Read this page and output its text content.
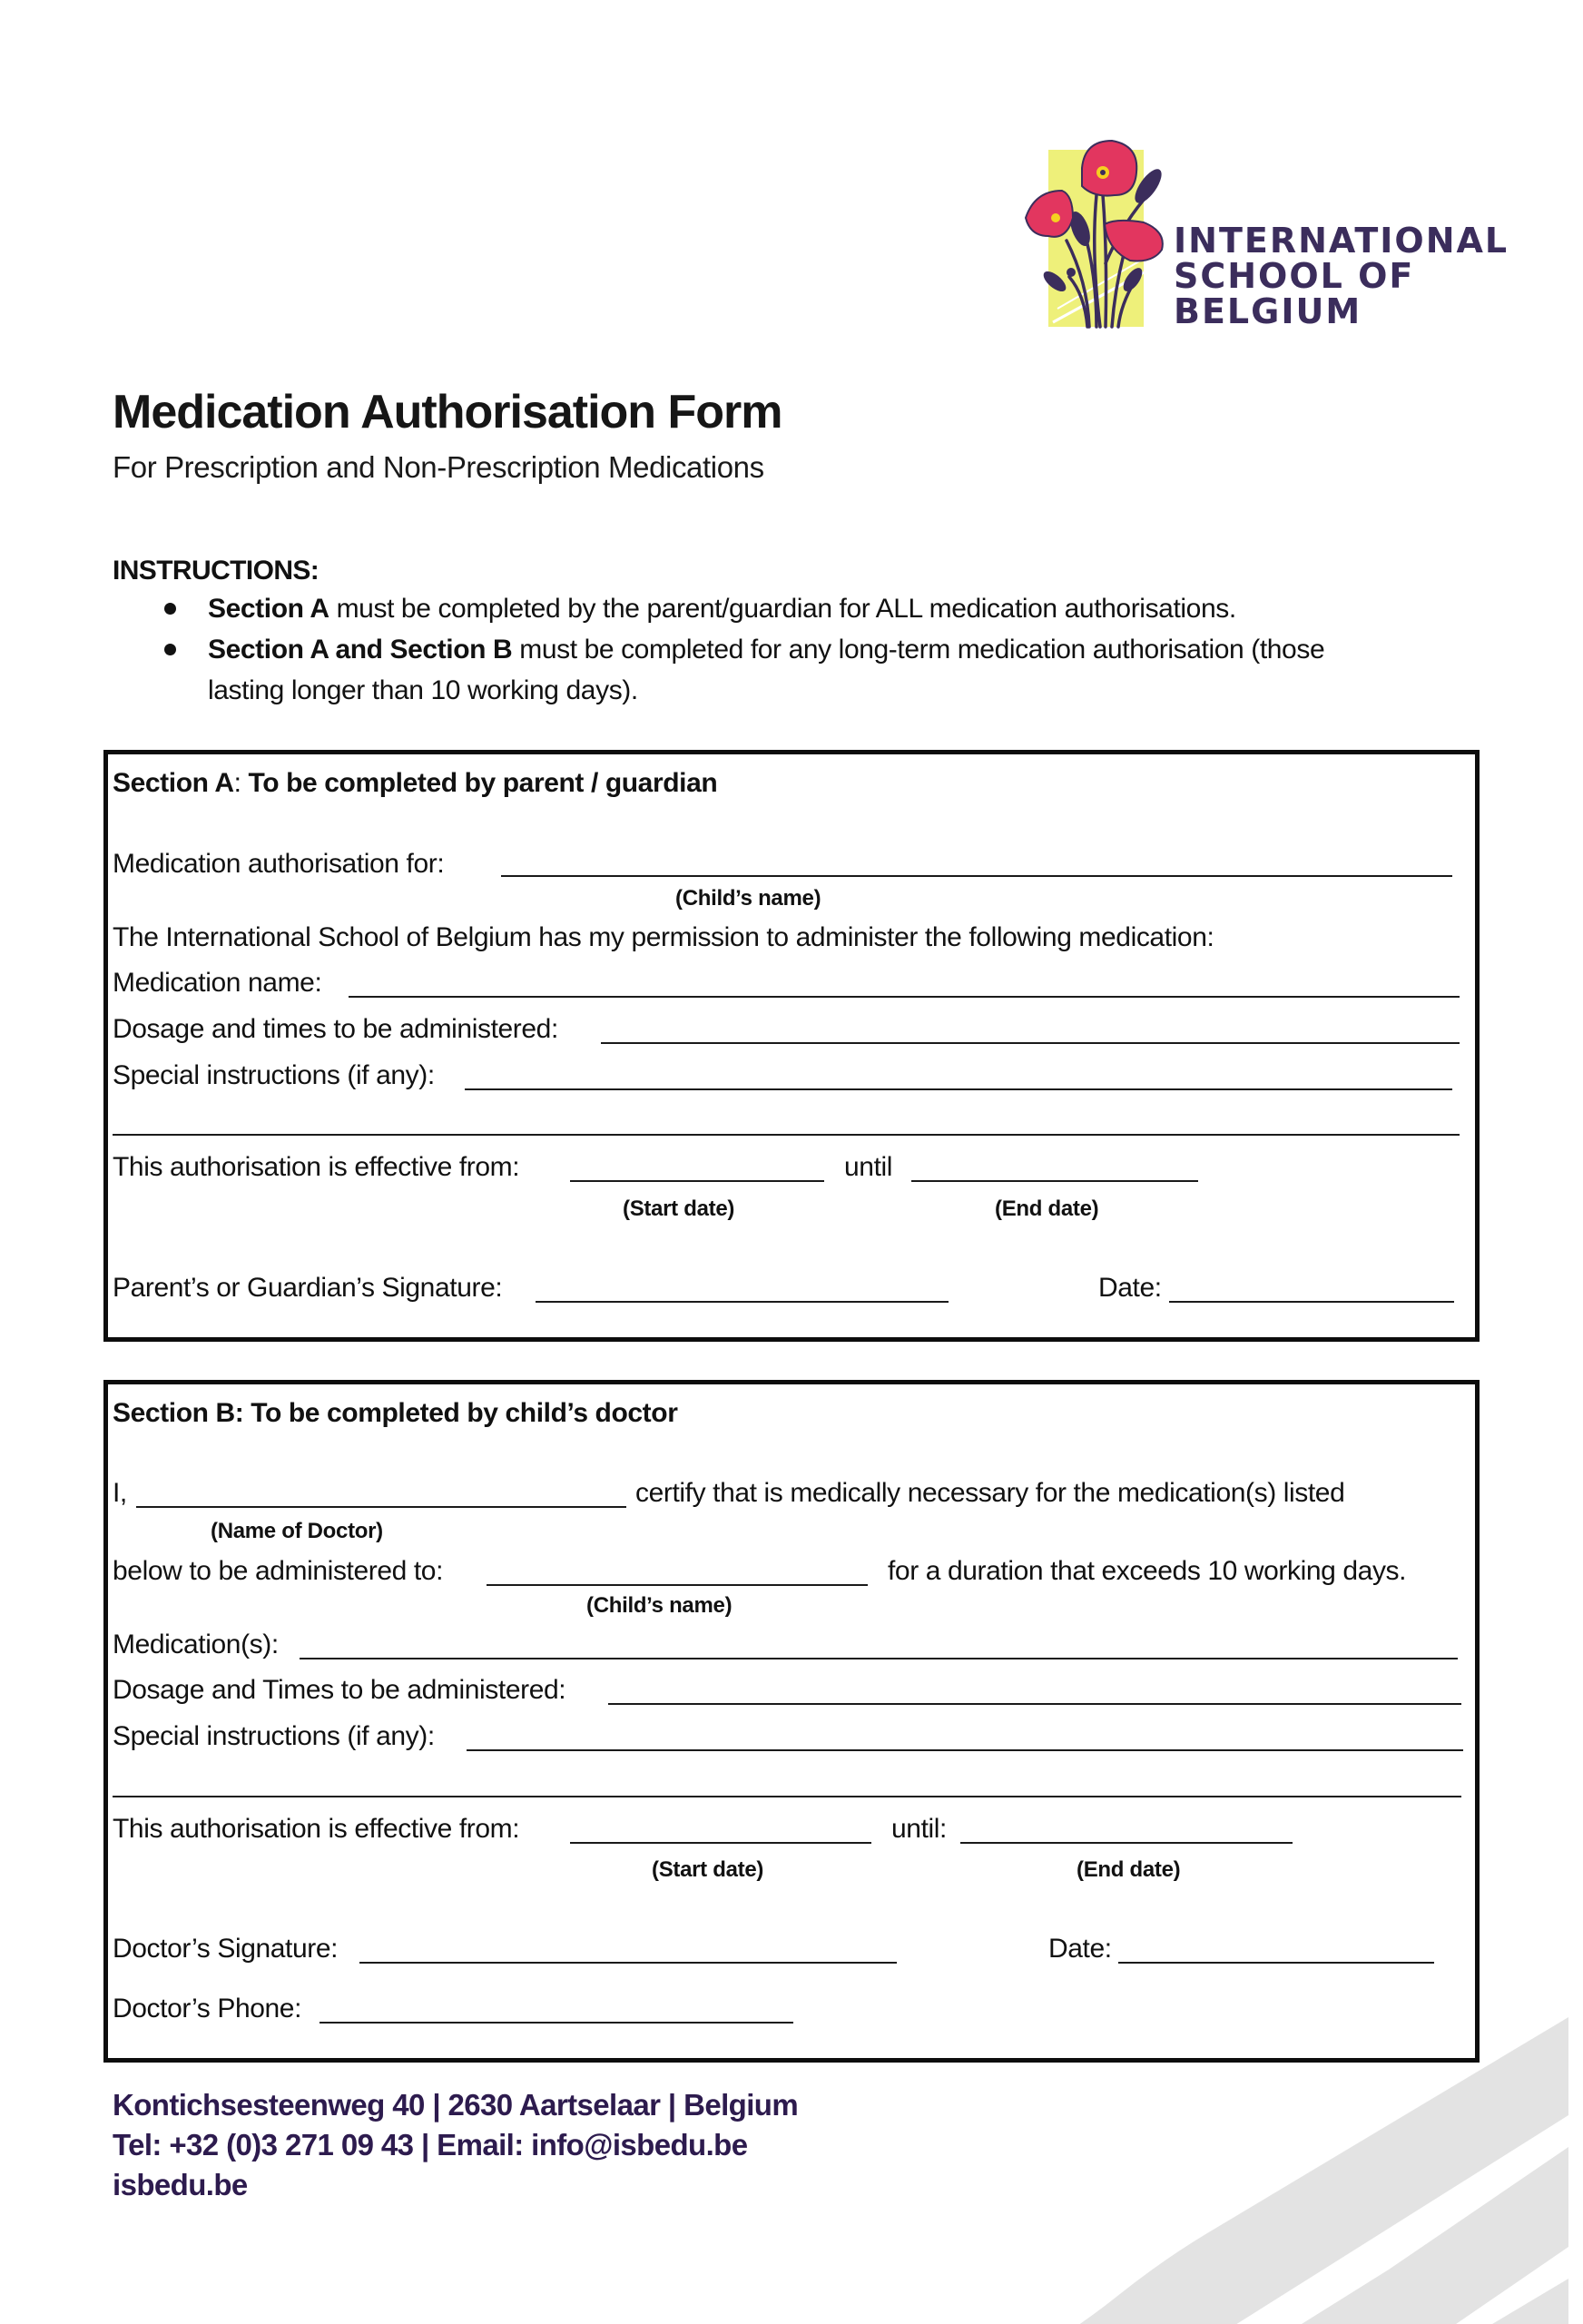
INTERNATIONAL
SCHOOL OF
BELGIUM
Medication Authorisation Form
For Prescription and Non-Prescription Medications
INSTRUCTIONS:
Section A must be completed by the parent/guardian for ALL medication authorisations.
Section A and Section B must be completed for any long-term medication authorisation (those
lasting longer than 10 working days).
Section A: To be completed by parent / guardian
Medication authorisation for:
(Child’s name)
The International School of Belgium has my permission to administer the following medication:
Medication name:
Dosage and times to be administered:
Special instructions (if any):
This authorisation is effective from:	until
(Start date)	(End date)
Parent’s or Guardian’s Signature:	Date:
Section B: To be completed by child’s doctor
I,	certify that is medically necessary for the medication(s) listed
(Name of Doctor)
below to be administered to:	for a duration that exceeds 10 working days.
(Child’s name)
Medication(s):
Dosage and Times to be administered:
Special instructions (if any):
This authorisation is effective from:	until:
(Start date)	(End date)
Doctor’s Signature:	Date:
Doctor’s Phone:
Kontichsesteenweg 40 | 2630 Aartselaar | Belgium
Tel: +32 (0)3 271 09 43 | Email: info@isbedu.be
isbedu.be
